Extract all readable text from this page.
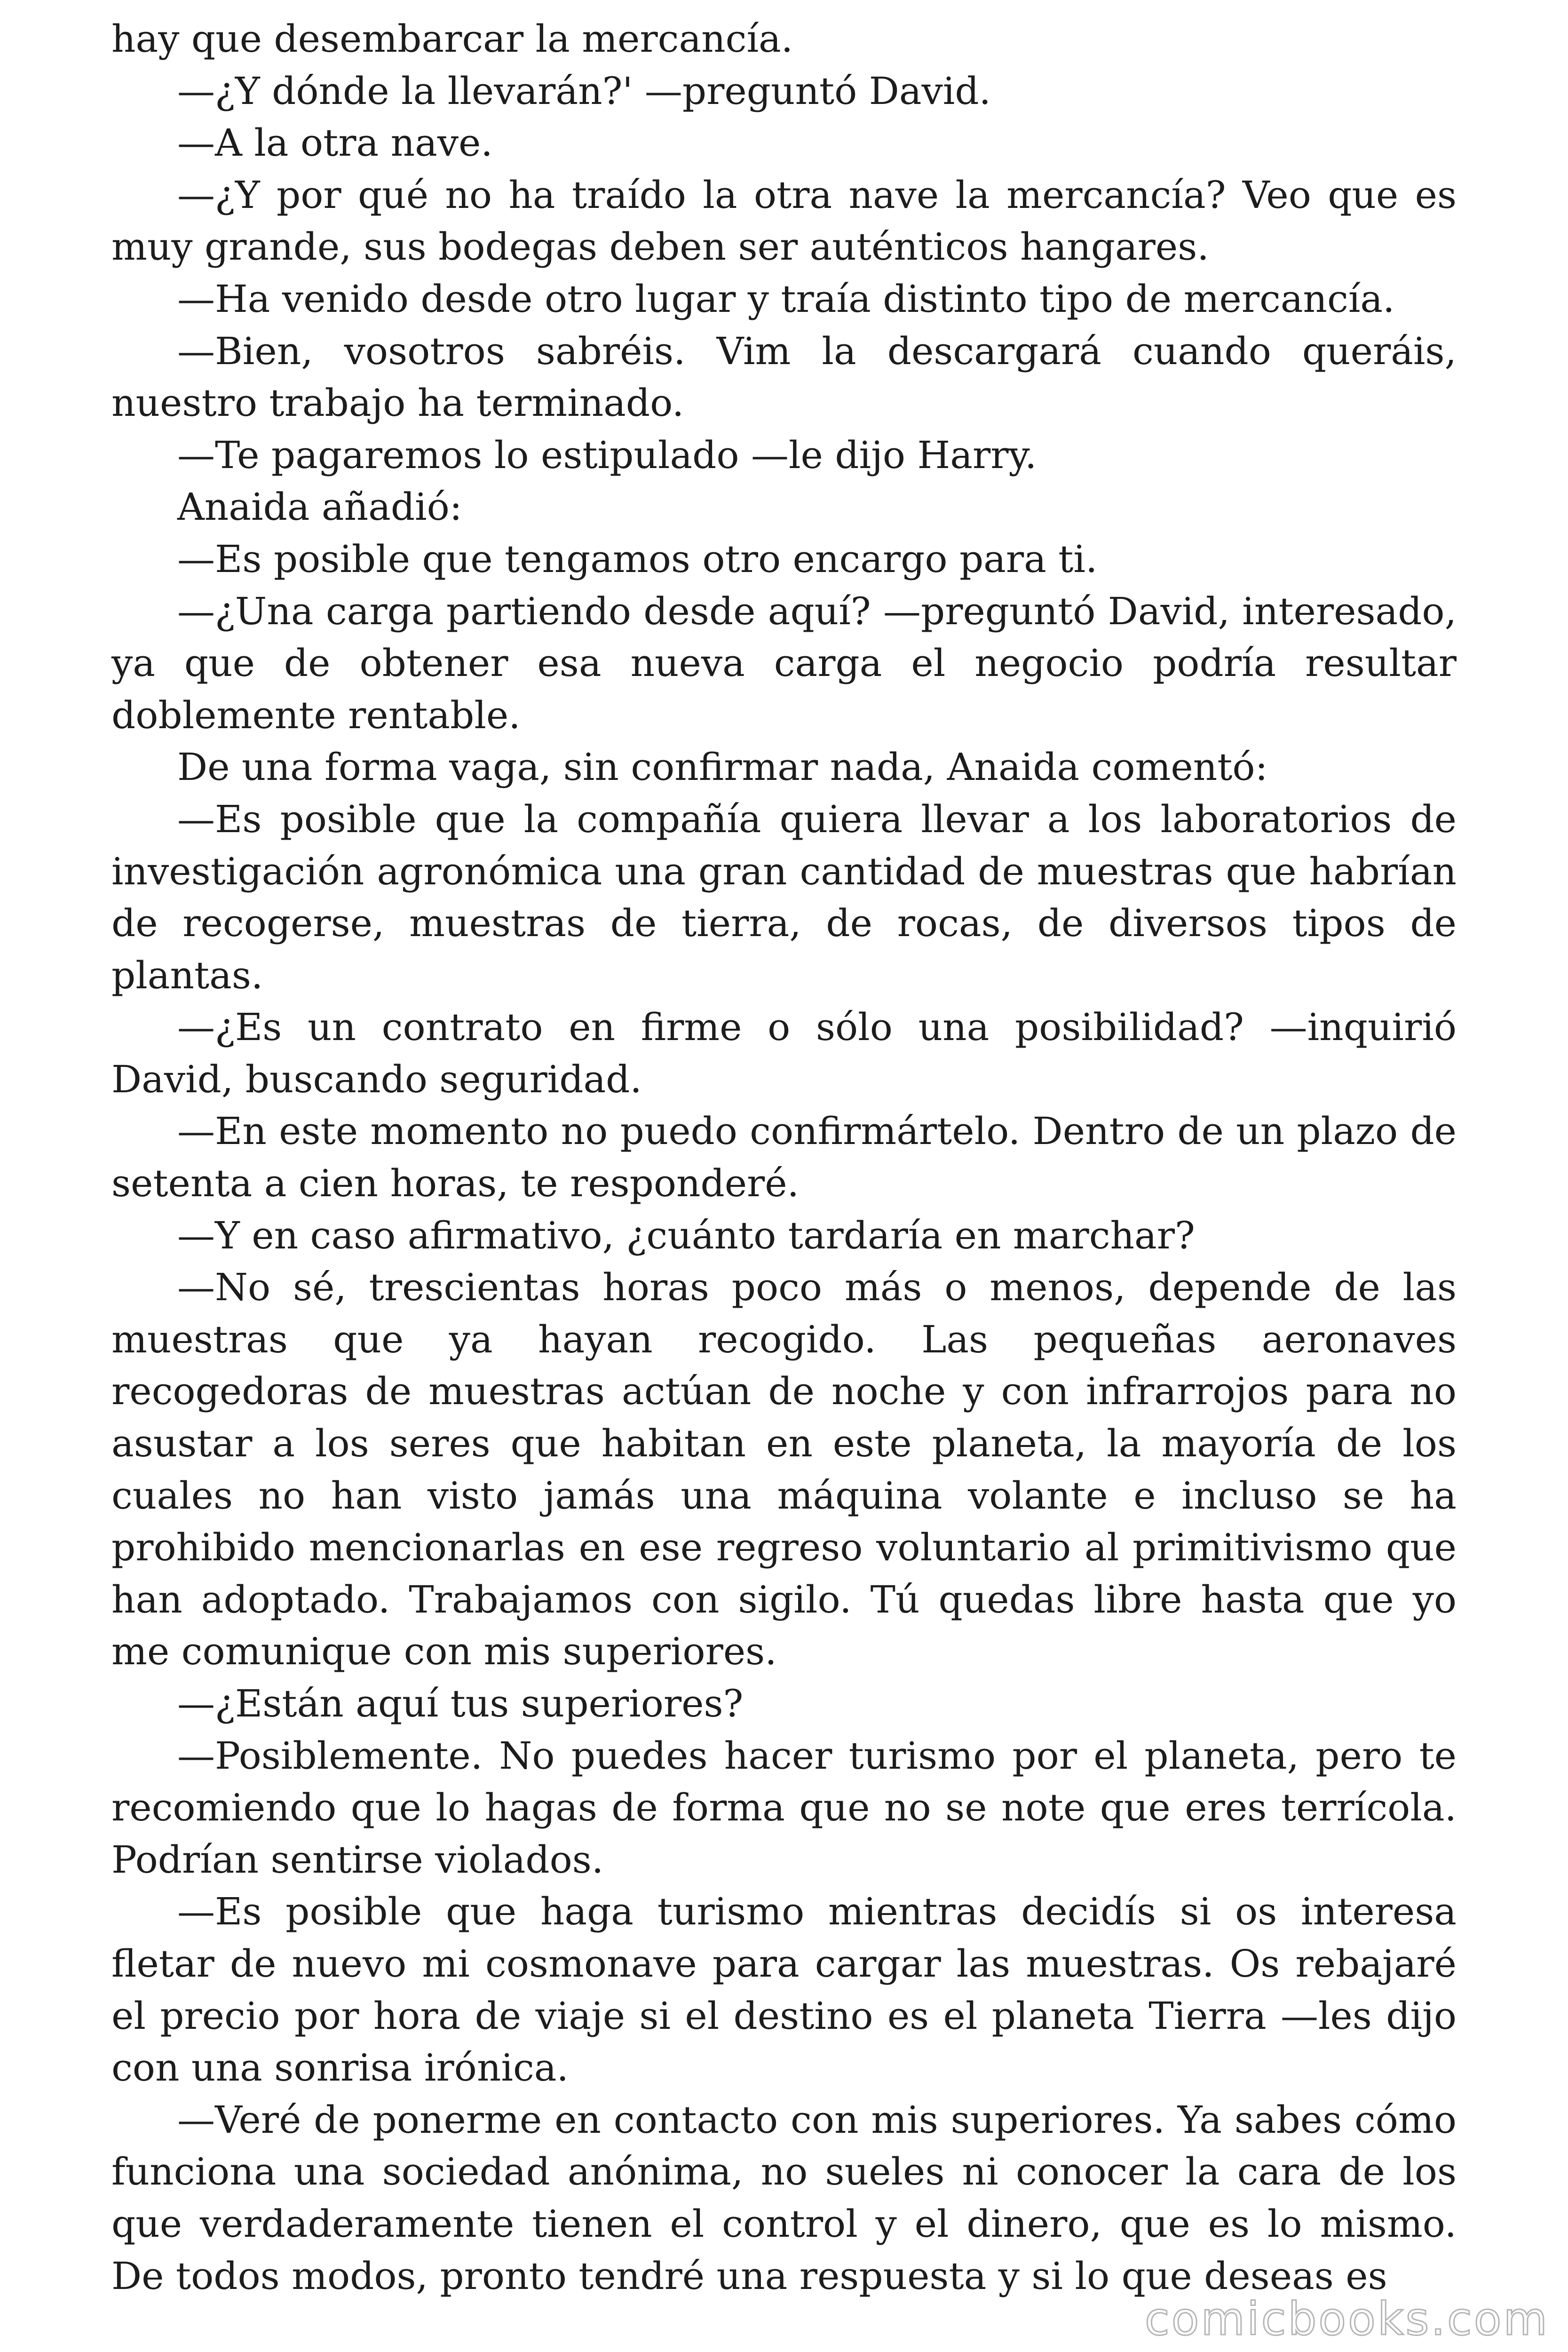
hay que desembarcar la mercancía.

—¿Y dónde la llevarán?' —preguntó David.

—A la otra nave.

—¿Y por qué no ha traído la otra nave la mercancía? Veo que es muy grande, sus bodegas deben ser auténticos hangares.

—Ha venido desde otro lugar y traía distinto tipo de mercancía.

—Bien, vosotros sabréis. Vim la descargará cuando queráis, nuestro trabajo ha terminado.

—Te pagaremos lo estipulado —le dijo Harry.

Anaida añadió:

—Es posible que tengamos otro encargo para ti.

—¿Una carga partiendo desde aquí? —preguntó David, interesado, ya que de obtener esa nueva carga el negocio podría resultar doblemente rentable.

De una forma vaga, sin confirmar nada, Anaida comentó:

—Es posible que la compañía quiera llevar a los laboratorios de investigación agronómica una gran cantidad de muestras que habrían de recogerse, muestras de tierra, de rocas, de diversos tipos de plantas.

—¿Es un contrato en firme o sólo una posibilidad? —inquirió David, buscando seguridad.

—En este momento no puedo confirmártelo. Dentro de un plazo de setenta a cien horas, te responderé.

—Y en caso afirmativo, ¿cuánto tardaría en marchar?

—No sé, trescientas horas poco más o menos, depende de las muestras que ya hayan recogido. Las pequeñas aeronaves recogedoras de muestras actúan de noche y con infrarrojos para no asustar a los seres que habitan en este planeta, la mayoría de los cuales no han visto jamás una máquina volante e incluso se ha prohibido mencionarlas en ese regreso voluntario al primitivismo que han adoptado. Trabajamos con sigilo. Tú quedas libre hasta que yo me comunique con mis superiores.

—¿Están aquí tus superiores?

—Posiblemente. No puedes hacer turismo por el planeta, pero te recomiendo que lo hagas de forma que no se note que eres terrícola. Podrían sentirse violados.

—Es posible que haga turismo mientras decidís si os interesa fletar de nuevo mi cosmonave para cargar las muestras. Os rebajaré el precio por hora de viaje si el destino es el planeta Tierra —les dijo con una sonrisa irónica.

—Veré de ponerme en contacto con mis superiores. Ya sabes cómo funciona una sociedad anónima, no sueles ni conocer la cara de los que verdaderamente tienen el control y el dinero, que es lo mismo. De todos modos, pronto tendré una respuesta y si lo que deseas es

comicbooks.com
